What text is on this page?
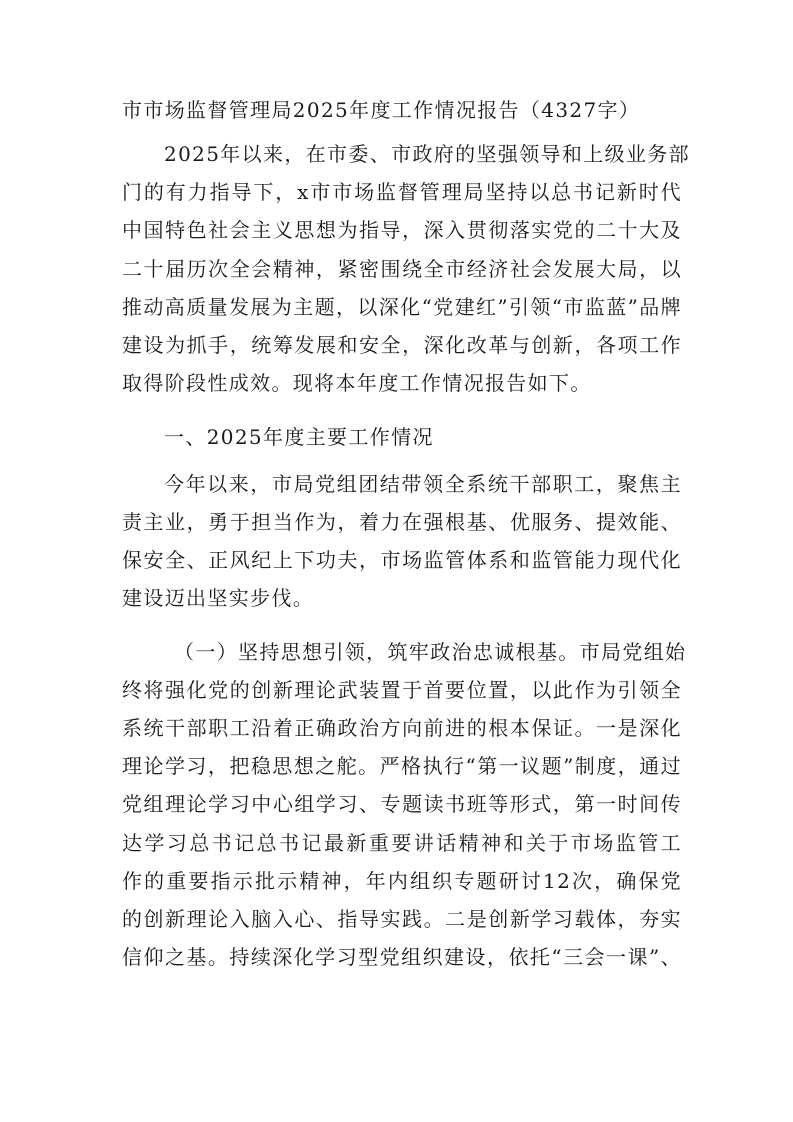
市市场监督管理局2025年度工作情况报告（4327字）
2025年以来，在市委、市政府的坚强领导和上级业务部
门的有力指导下，x市市场监督管理局坚持以总书记新时代
中国特色社会主义思想为指导，深入贯彻落实党的二十大及
二十届历次全会精神，紧密围绕全市经济社会发展大局，以
推动高质量发展为主题，以深化“党建红”引领“市监蓝”品牌
建设为抓手，统筹发展和安全，深化改革与创新，各项工作
取得阶段性成效。现将本年度工作情况报告如下。
一、2025年度主要工作情况
今年以来，市局党组团结带领全系统干部职工，聚焦主
责主业，勇于担当作为，着力在强根基、优服务、提效能、
保安全、正风纪上下功夫，市场监管体系和监管能力现代化
建设迈出坚实步伐。
（一）坚持思想引领，筑牢政治忠诚根基。市局党组始
终将强化党的创新理论武装置于首要位置，以此作为引领全
系统干部职工沿着正确政治方向前进的根本保证。一是深化
理论学习，把稳思想之舵。严格执行“第一议题”制度，通过
党组理论学习中心组学习、专题读书班等形式，第一时间传
达学习总书记总书记最新重要讲话精神和关于市场监管工
作的重要指示批示精神，年内组织专题研讨12次，确保党
的创新理论入脑入心、指导实践。二是创新学习载体，夯实
信仰之基。持续深化学习型党组织建设，依托“三会一课”、
